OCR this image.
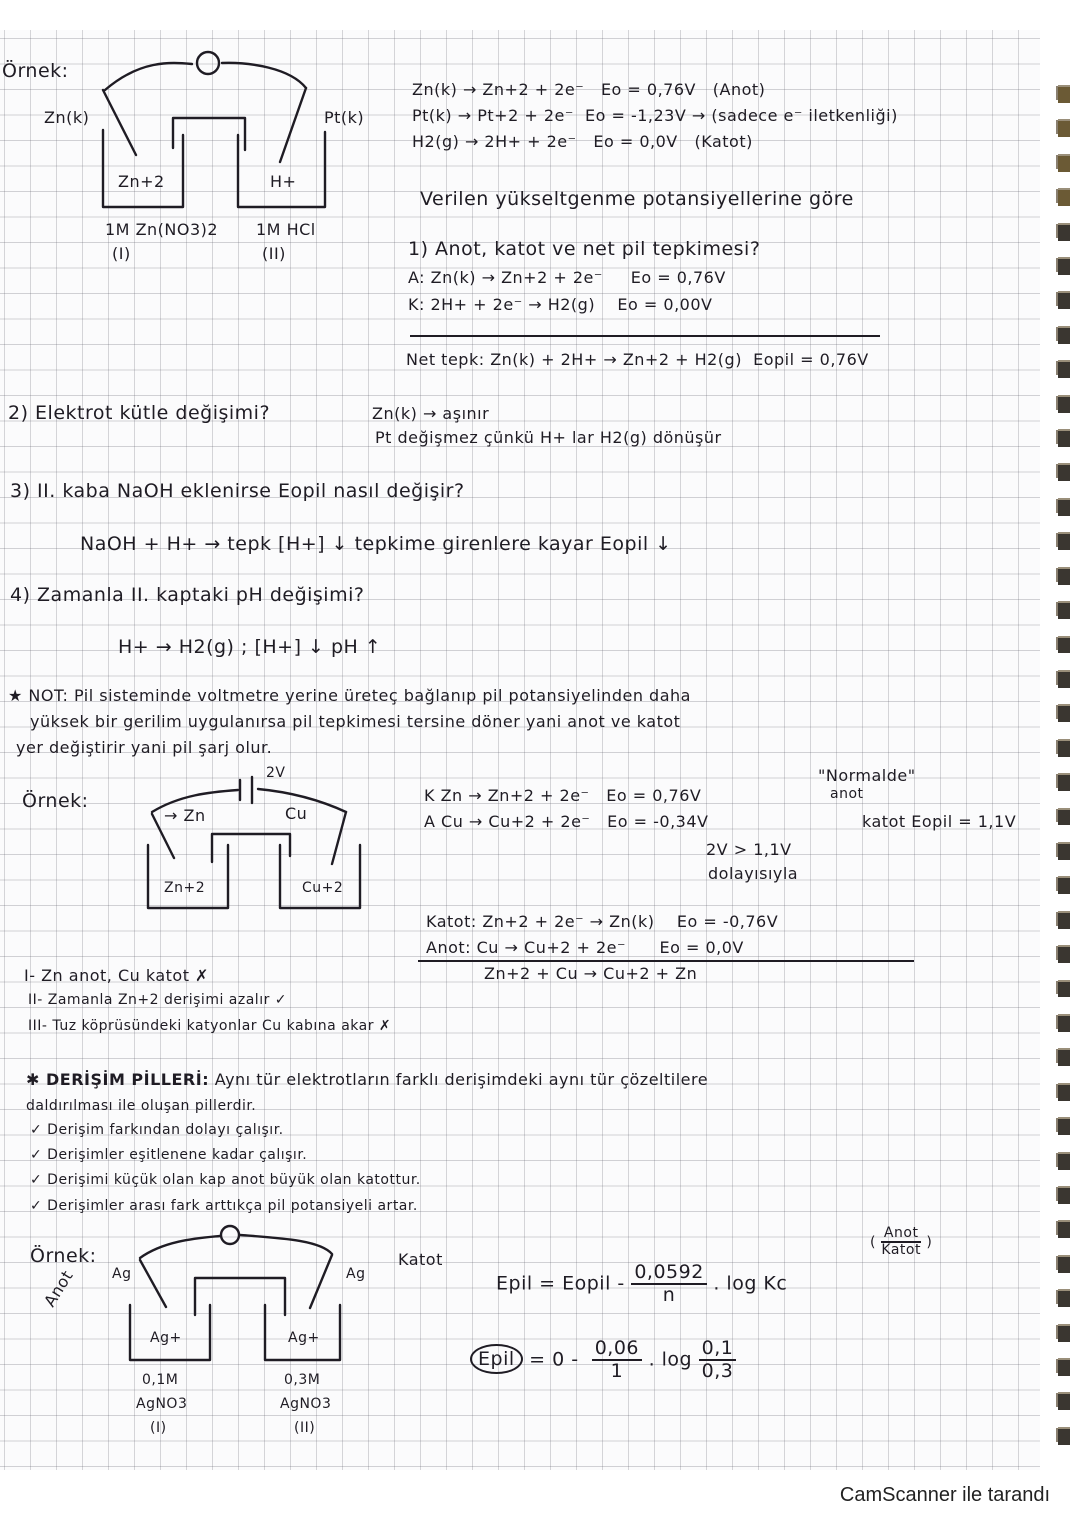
Örnek:
Zn(k)	Pt(k)
Zn+2	H+
1M Zn(NO3)2 1M HCl
(I)	(II)
Zn(k) → Zn+2 + 2e⁻ Eo = 0,76V (Anot)
Pt(k) → Pt+2 + 2e⁻ Eo = -1,23V → (sadece e⁻ iletkenliği)
H2(g) → 2H+ + 2e⁻ Eo = 0,0V (Katot)
Verilen yükseltgenme potansiyellerine göre
1) Anot, katot ve net pil tepkimesi?
A: Zn(k) → Zn+2 + 2e⁻ Eo = 0,76V
K: 2H+ + 2e⁻ → H2(g) Eo = 0,00V
Net tepk: Zn(k) + 2H+ → Zn+2 + H2(g) Eopil = 0,76V
2) Elektrot kütle değişimi?	Zn(k) → aşınır
Pt değişmez çünkü H+ lar H2(g) dönüşür
3) II. kaba NaOH eklenirse Eopil nasıl değişir?
NaOH + H+ → tepk [H+] ↓ tepkime girenlere kayar Eopil ↓
4) Zamanla II. kaptaki pH değişimi?
H+ → H2(g) ; [H+] ↓ pH ↑
★ NOT: Pil sisteminde voltmetre yerine üreteç bağlanıp pil potansiyelinden daha
yüksek bir gerilim uygulanırsa pil tepkimesi tersine döner yani anot ve katot
yer değiştirir yani pil şarj olur.
Örnek:
2V
→ Zn	Cu
Zn+2	Cu+2
K Zn → Zn+2 + 2e⁻ Eo = 0,76V
A Cu → Cu+2 + 2e⁻ Eo = -0,34V
"Normalde"
anot
katot Eopil = 1,1V
2V > 1,1V
dolayısıyla
Katot: Zn+2 + 2e⁻ → Zn(k) Eo = -0,76V
Anot: Cu → Cu+2 + 2e⁻ Eo = 0,0V
Zn+2 + Cu → Cu+2 + Zn
I- Zn anot, Cu katot ✗
II- Zamanla Zn+2 derişimi azalır ✓
III- Tuz köprüsündeki katyonlar Cu kabına akar ✗
✱ DERİŞİM PİLLERİ: Aynı tür elektrotların farklı derişimdeki aynı tür çözeltilere
daldırılması ile oluşan pillerdir.
✓ Derişim farkından dolayı çalışır.
✓ Derişimler eşitlenene kadar çalışır.
✓ Derişimi küçük olan kap anot büyük olan katottur.
✓ Derişimler arası fark arttıkça pil potansiyeli artar.
Örnek:
Anot
Katot
Ag	Ag
Ag+	Ag+
0,1M	0,3M
AgNO3	AgNO3
(I)	(II)
Epil = Eopil - $\frac{0,0592}{n}$ . log Kc
( $\frac{\text{Anot}}{\text{Katot}}$ )
Epil = $0 - \frac{0,06}{1}$ . $\log \frac{0,1}{0,3}$
CamScanner ile tarandı
